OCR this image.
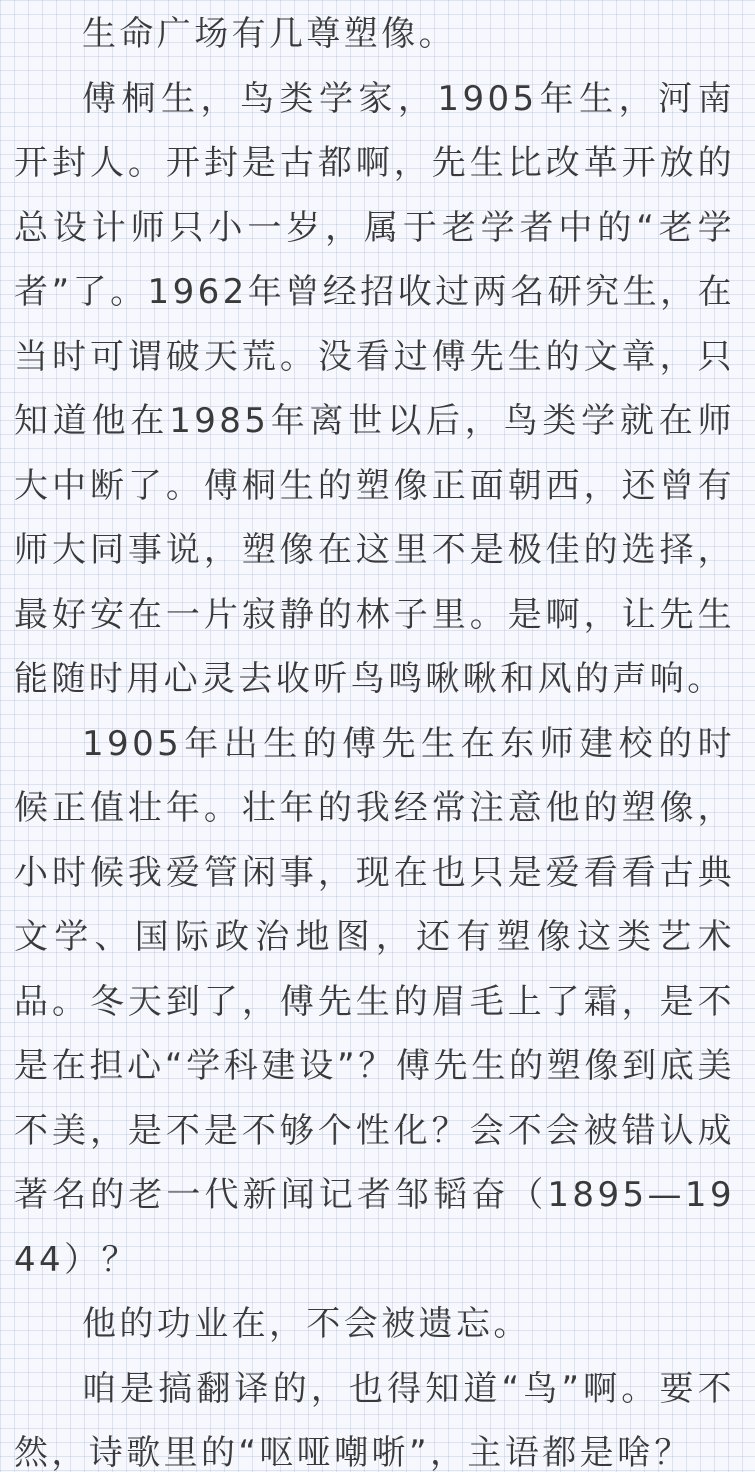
生命广场有几尊塑像。

傅桐生，鸟类学家，1905年生，河南开封人。开封是古都啊，先生比改革开放的总设计师只小一岁，属于老学者中的“老学者”了。1962年曾经招收过两名研究生，在当时可谓破天荒。没看过傅先生的文章，只知道他在1985年离世以后，鸟类学就在师大中断了。傅桐生的塑像正面朝西，还曾有师大同事说，塑像在这里不是极佳的选择，最好安在一片寂静的林子里。是啊，让先生能随时用心灵去收听鸟鸣啾啾和风的声响。

1905年出生的傅先生在东师建校的时候正值壮年。壮年的我经常注意他的塑像，小时候我爱管闲事，现在也只是爱看看古典文学、国际政治地图，还有塑像这类艺术品。冬天到了，傅先生的眉毛上了霜，是不是在担心“学科建设”？傅先生的塑像到底美不美，是不是不够个性化？会不会被错认成著名的老一代新闻记者邹韬奋（1895—1944）？

他的功业在，不会被遗忘。

咱是搞翻译的，也得知道“鸟”啊。要不然，诗歌里的“呕哑嘲哳”，主语都是啥？
